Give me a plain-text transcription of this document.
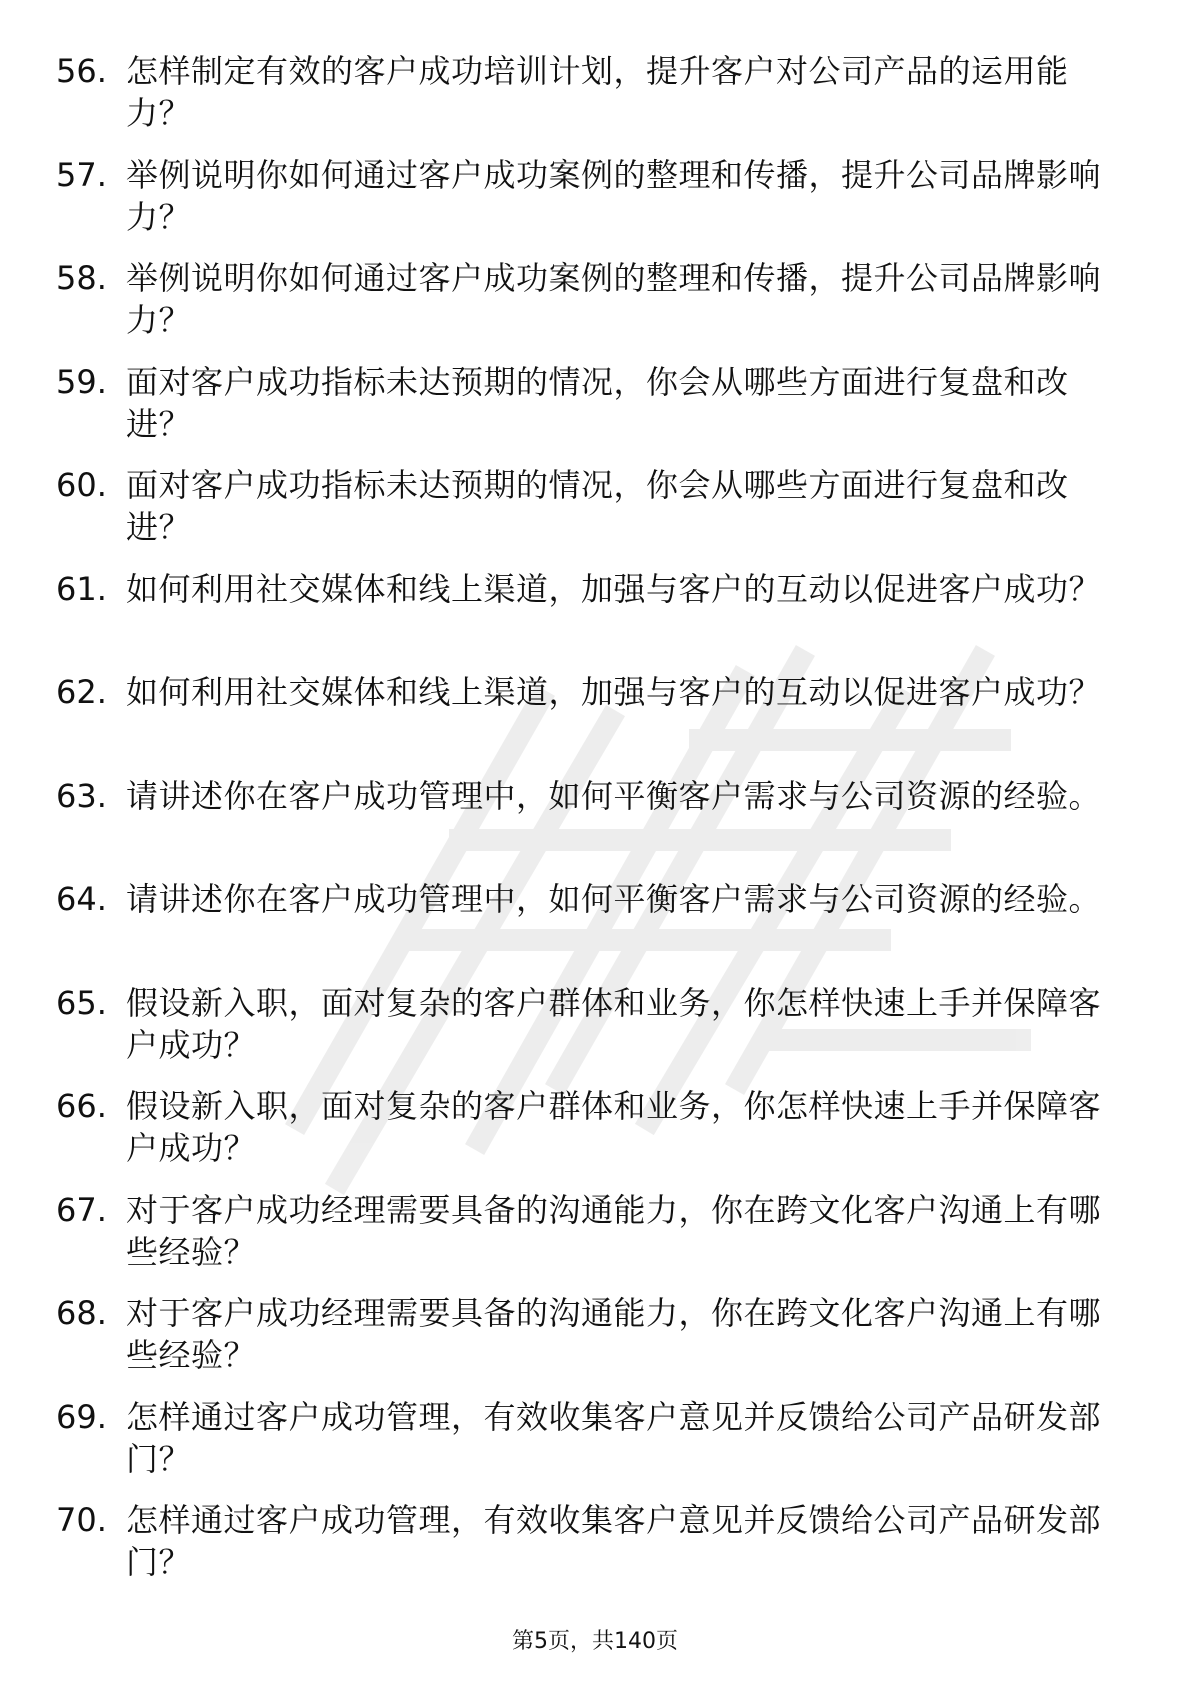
56. 怎样制定有效的客户成功培训计划，提升客户对公司产品的运用能力？
57. 举例说明你如何通过客户成功案例的整理和传播，提升公司品牌影响力？
58. 举例说明你如何通过客户成功案例的整理和传播，提升公司品牌影响力？
59. 面对客户成功指标未达预期的情况，你会从哪些方面进行复盘和改进？
60. 面对客户成功指标未达预期的情况，你会从哪些方面进行复盘和改进？
61. 如何利用社交媒体和线上渠道，加强与客户的互动以促进客户成功？
62. 如何利用社交媒体和线上渠道，加强与客户的互动以促进客户成功？
63. 请讲述你在客户成功管理中，如何平衡客户需求与公司资源的经验。
64. 请讲述你在客户成功管理中，如何平衡客户需求与公司资源的经验。
65. 假设新入职，面对复杂的客户群体和业务，你怎样快速上手并保障客户成功？
66. 假设新入职，面对复杂的客户群体和业务，你怎样快速上手并保障客户成功？
67. 对于客户成功经理需要具备的沟通能力，你在跨文化客户沟通上有哪些经验？
68. 对于客户成功经理需要具备的沟通能力，你在跨文化客户沟通上有哪些经验？
69. 怎样通过客户成功管理，有效收集客户意见并反馈给公司产品研发部门？
70. 怎样通过客户成功管理，有效收集客户意见并反馈给公司产品研发部门？
第5页，共140页
